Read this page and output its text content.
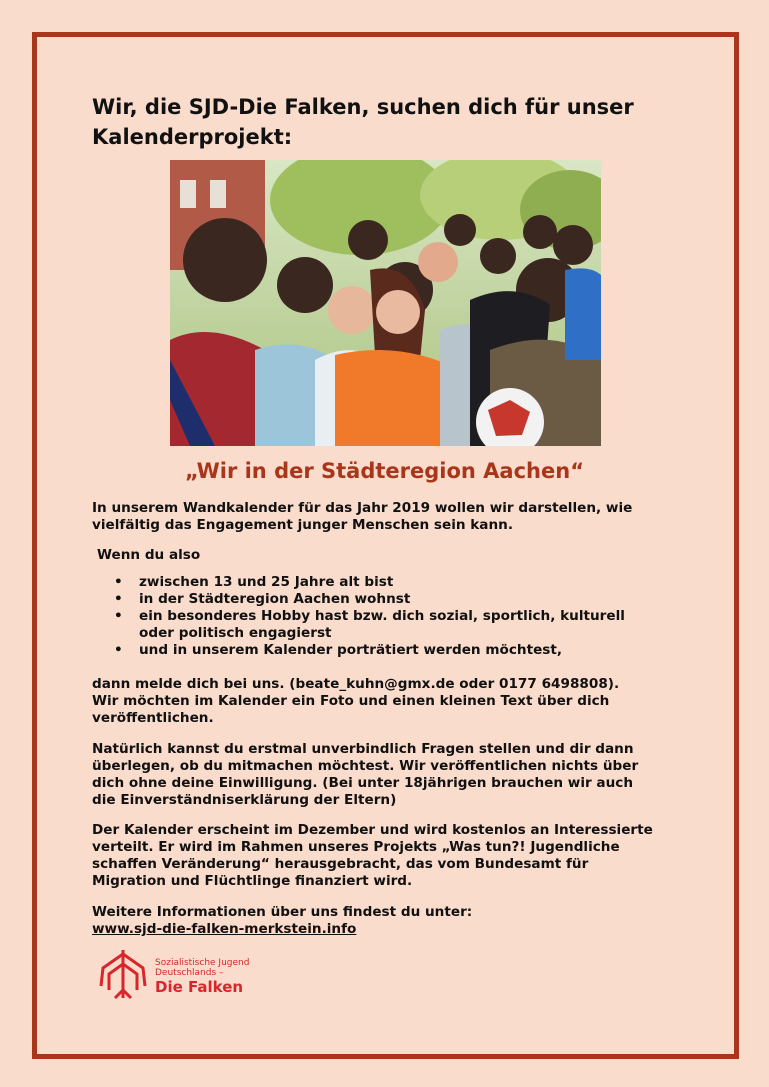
Wir, die SJD-Die Falken, suchen dich für unser Kalenderprojekt:
„Wir in der Städteregion Aachen“

In unserem Wandkalender für das Jahr 2019 wollen wir darstellen, wie
vielfältig das Engagement junger Menschen sein kann.

Wenn du also

• zwischen 13 und 25 Jahre alt bist
• in der Städteregion Aachen wohnst
• ein besonderes Hobby hast bzw. dich sozial, sportlich, kulturell
oder politisch engagierst
• und in unserem Kalender porträtiert werden möchtest,

dann melde dich bei uns. (beate_kuhn@gmx.de oder 0177 6498808).
Wir möchten im Kalender ein Foto und einen kleinen Text über dich
veröffentlichen.

Natürlich kannst du erstmal unverbindlich Fragen stellen und dir dann
überlegen, ob du mitmachen möchtest. Wir veröffentlichen nichts über
dich ohne deine Einwilligung. (Bei unter 18jährigen brauchen wir auch
die Einverständniserklärung der Eltern)

Der Kalender erscheint im Dezember und wird kostenlos an Interessierte
verteilt. Er wird im Rahmen unseres Projekts „Was tun?! Jugendliche
schaffen Veränderung“ herausgebracht, das vom Bundesamt für
Migration und Flüchtlinge finanziert wird.

Weitere Informationen über uns findest du unter:

www.sjd-die-falken-merkstein.info
Sozialistische Jugend
Deutschlands –
Die Falken
